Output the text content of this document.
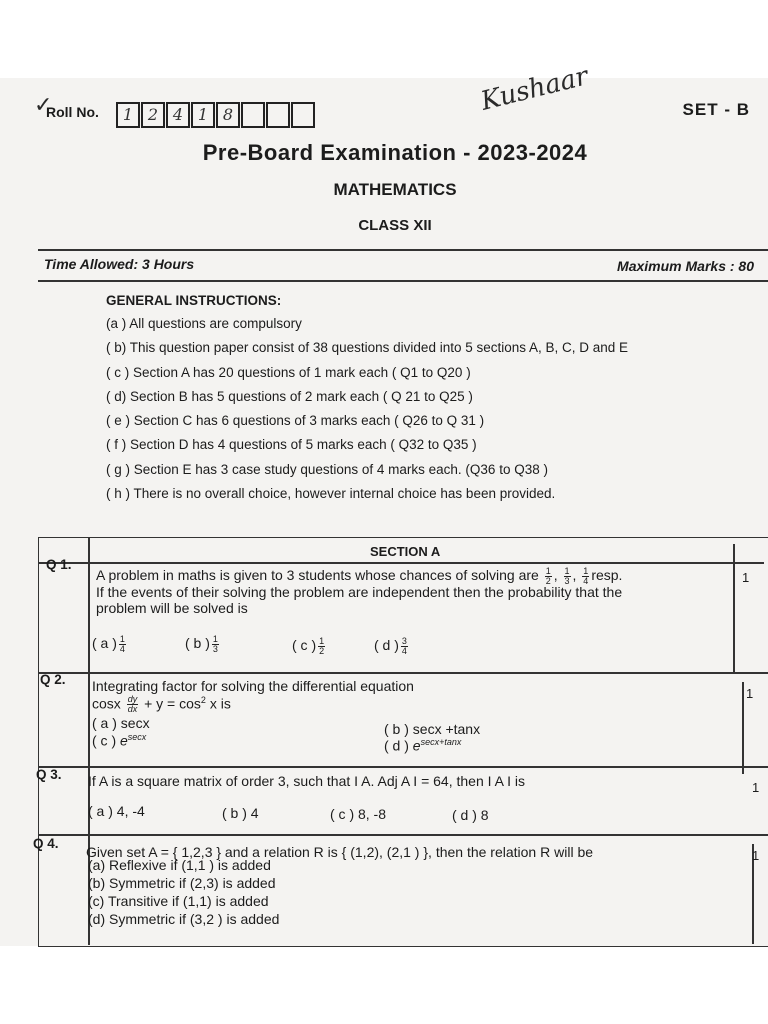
✓
Roll No.	1 2 4 1 8	Kushaar	SET - B
Pre-Board Examination - 2023-2024
MATHEMATICS
CLASS XII
Time Allowed: 3 Hours	Maximum Marks : 80
GENERAL INSTRUCTIONS:
(a ) All questions are compulsory
( b) This question paper consist of 38 questions divided into 5 sections A, B, C, D and E
( c ) Section A has 20 questions of 1 mark each ( Q1 to Q20 )
( d) Section B has 5 questions of 2 mark each ( Q 21 to Q25 )
( e ) Section C has 6 questions of 3 marks each ( Q26 to Q 31 )
( f ) Section D has 4 questions of 5 marks each ( Q32 to Q35 )
( g ) Section E has 3 case study questions of 4 marks each. (Q36 to Q38 )
( h ) There is no overall choice, however internal choice has been provided.
SECTION A
Q 1.
A problem in maths is given to 3 students whose chances of solving are $\frac{1}{2}$ , $\frac{1}{3}$ , $\frac{1}{4}$ resp.
If the events of their solving the problem are independent then the probability that the
problem will be solved is
( a ) $\frac{1}{4}$	( b ) $\frac{1}{3}$	( c ) $\frac{1}{2}$	( d ) $\frac{3}{4}$
1
Q 2. Integrating factor for solving the differential equation
cosx $\frac{dy}{dx} + y = \cos^2 x$ is
( a ) secx
( c ) $e^{secx}$	( b ) secx +tanx
( d ) $e^{secx+tanx}$
1
Q 3. If A is a square matrix of order 3, such that I A. Adj A I = 64, then I A I is
( a ) 4, -4	( b ) 4	( c ) 8, -8	( d ) 8
1
Q 4.
Given set A = { 1,2,3 } and a relation R is { (1,2), (2,1 ) }, then the relation R will be
(a) Reflexive if (1,1 ) is added
(b) Symmetric if (2,3) is added
(c) Transitive if (1,1) is added
(d) Symmetric if (3,2 ) is added
1
